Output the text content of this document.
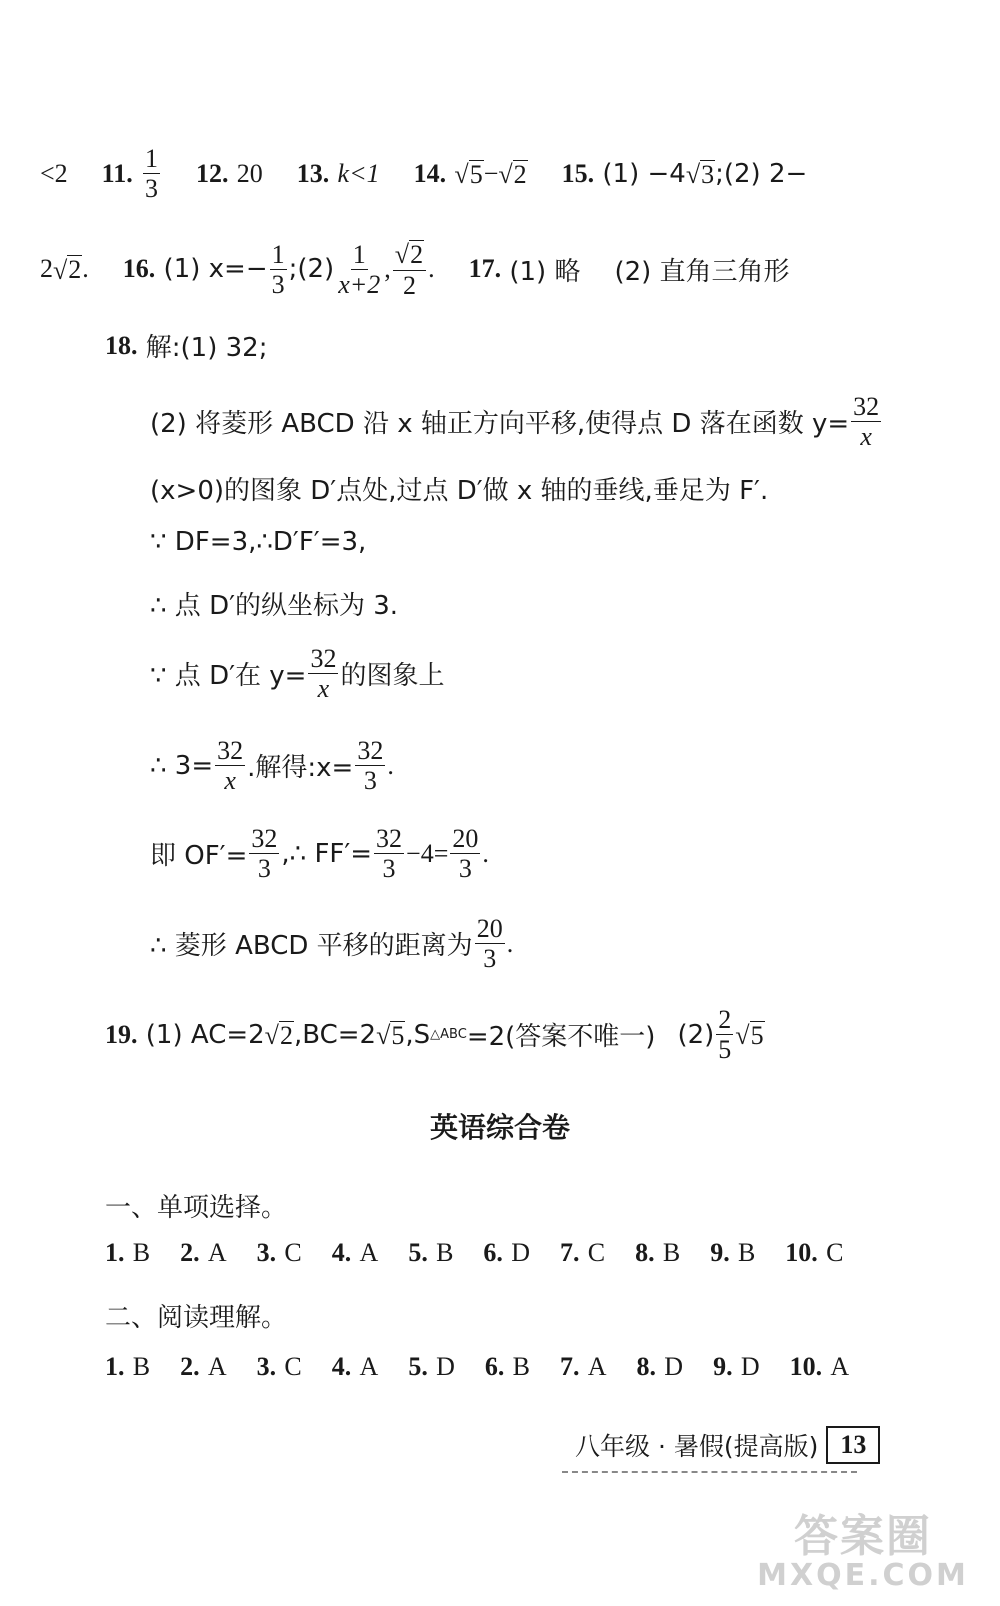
<2 11.
$\frac{1}{3} 12$.
20 13.
k<1 14.
√ 5 − √ 2 15.
(1) −4 √ 3 ;(2) 2−
2 √ 2 . 16.
(1) $x=- \frac{1}{3}$ ;(2) $\frac{1}{x+2}$ , $\frac{√ 2}{2}$ . 17.
(1) 略 (2) 直角三角形
18.
解:(1) 32;
(2) 将菱形 ABCD 沿 x 轴正方向平移,使得点 D 落在函数 $y= \frac{32}{x}$
(x>0)的图象 D′点处,过点 D′做 x 轴的垂线,垂足为 F′.
∵ DF=3,∴D′F′=3,
∴ 点 D′的纵坐标为 3.
∵ 点 D′在 $y= \frac{32}{x}$ 的图象上
∴ $3= \frac{32}{x}$ .解得:x= $\frac{32}{3}$ .
即 $OF'= \frac{32}{3}$ ,∴ $FF'= \frac{32}{3} -4= \frac{20}{3}$ .
∴ 菱形 ABCD 平移的距离为 $\frac{20}{3}$ .
19.
(1) AC=2 √ 2 ,BC=2 √ 5 ,S △ABC =2(答案不唯一) $(2) \frac{2}{5}$ √ 5
英语综合卷
一、单项选择。
1.
B 2.
A 3.
C 4.
A 5.
B 6.
D 7.
C 8.
B 9.
B 10.
C
二、阅读理解。
1.
B 2.
A 3.
C 4.
A 5.
D 6.
B 7.
A 8.
D 9.
D 10.
A
八年级 · 暑假(提高版) 13
答案圈
MXQE.COM
